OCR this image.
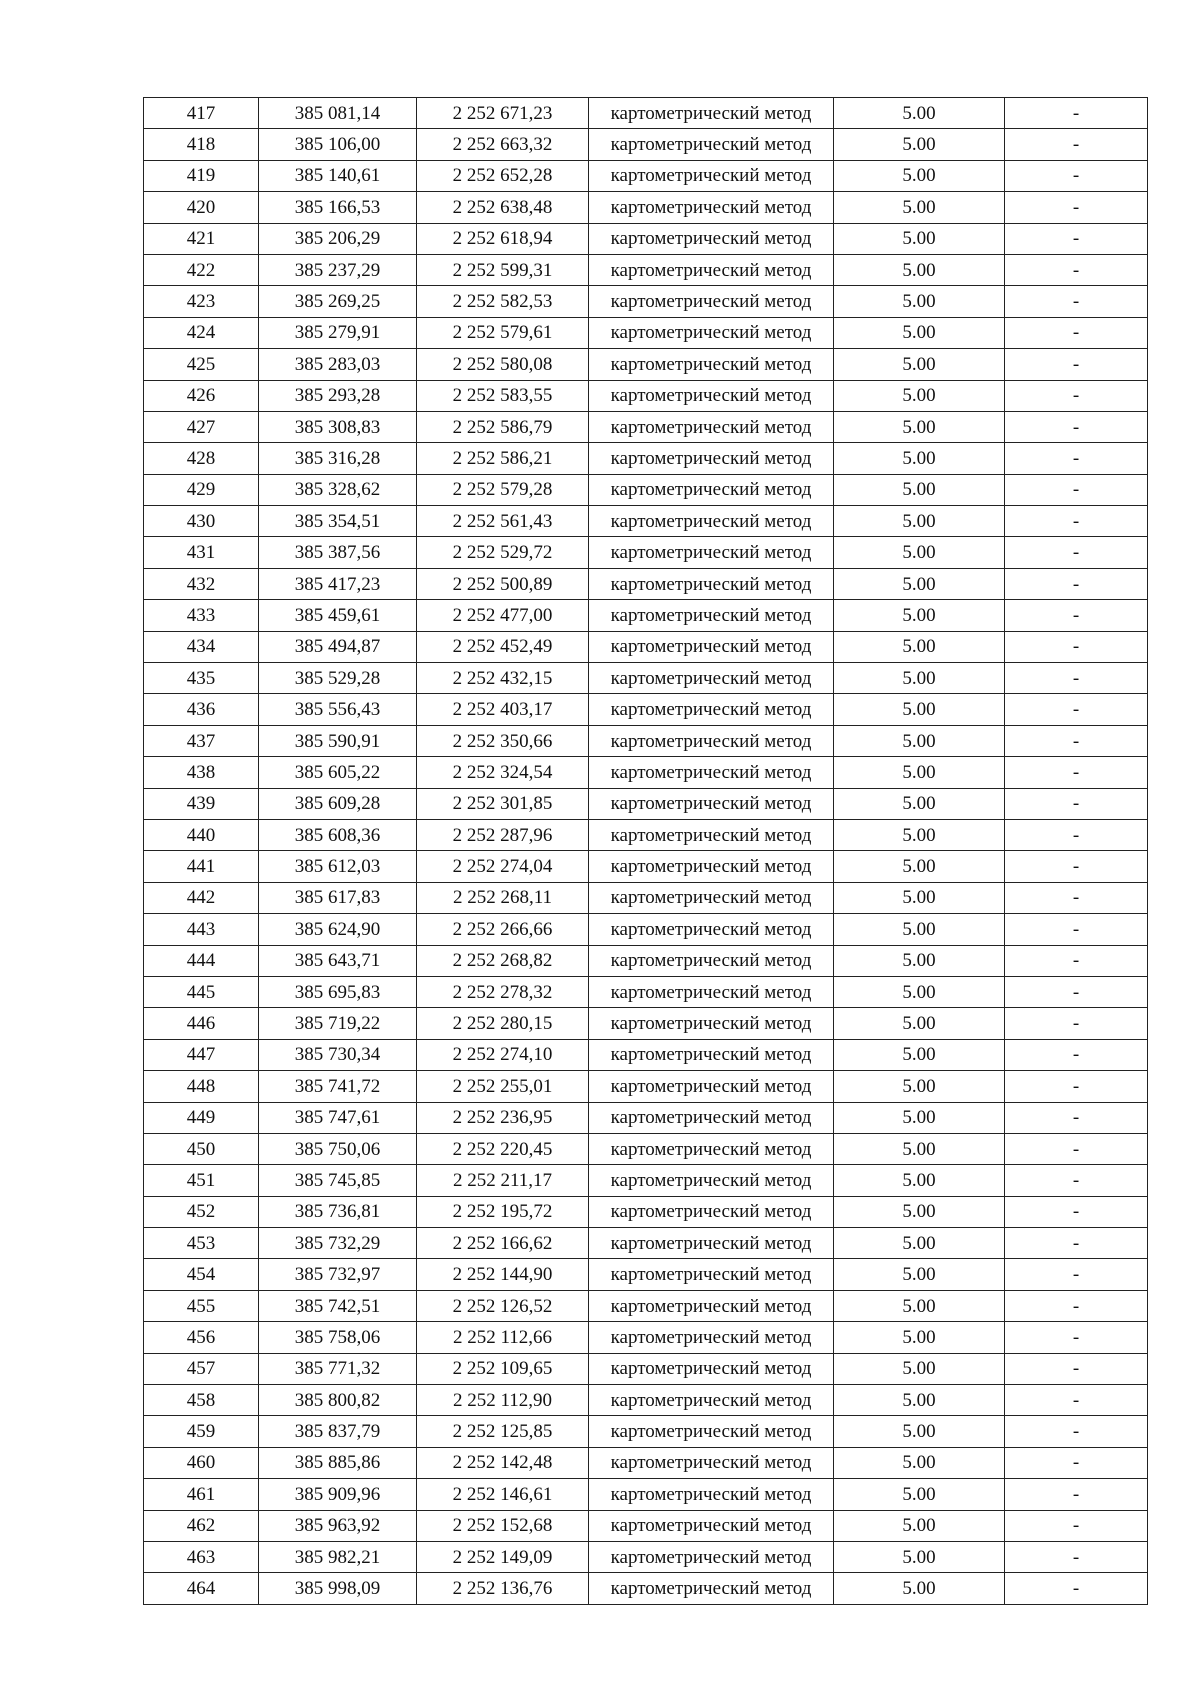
417	385 081,14	2 252 671,23	картометрический метод	5.00	-
418	385 106,00	2 252 663,32	картометрический метод	5.00	-
419	385 140,61	2 252 652,28	картометрический метод	5.00	-
420	385 166,53	2 252 638,48	картометрический метод	5.00	-
421	385 206,29	2 252 618,94	картометрический метод	5.00	-
422	385 237,29	2 252 599,31	картометрический метод	5.00	-
423	385 269,25	2 252 582,53	картометрический метод	5.00	-
424	385 279,91	2 252 579,61	картометрический метод	5.00	-
425	385 283,03	2 252 580,08	картометрический метод	5.00	-
426	385 293,28	2 252 583,55	картометрический метод	5.00	-
427	385 308,83	2 252 586,79	картометрический метод	5.00	-
428	385 316,28	2 252 586,21	картометрический метод	5.00	-
429	385 328,62	2 252 579,28	картометрический метод	5.00	-
430	385 354,51	2 252 561,43	картометрический метод	5.00	-
431	385 387,56	2 252 529,72	картометрический метод	5.00	-
432	385 417,23	2 252 500,89	картометрический метод	5.00	-
433	385 459,61	2 252 477,00	картометрический метод	5.00	-
434	385 494,87	2 252 452,49	картометрический метод	5.00	-
435	385 529,28	2 252 432,15	картометрический метод	5.00	-
436	385 556,43	2 252 403,17	картометрический метод	5.00	-
437	385 590,91	2 252 350,66	картометрический метод	5.00	-
438	385 605,22	2 252 324,54	картометрический метод	5.00	-
439	385 609,28	2 252 301,85	картометрический метод	5.00	-
440	385 608,36	2 252 287,96	картометрический метод	5.00	-
441	385 612,03	2 252 274,04	картометрический метод	5.00	-
442	385 617,83	2 252 268,11	картометрический метод	5.00	-
443	385 624,90	2 252 266,66	картометрический метод	5.00	-
444	385 643,71	2 252 268,82	картометрический метод	5.00	-
445	385 695,83	2 252 278,32	картометрический метод	5.00	-
446	385 719,22	2 252 280,15	картометрический метод	5.00	-
447	385 730,34	2 252 274,10	картометрический метод	5.00	-
448	385 741,72	2 252 255,01	картометрический метод	5.00	-
449	385 747,61	2 252 236,95	картометрический метод	5.00	-
450	385 750,06	2 252 220,45	картометрический метод	5.00	-
451	385 745,85	2 252 211,17	картометрический метод	5.00	-
452	385 736,81	2 252 195,72	картометрический метод	5.00	-
453	385 732,29	2 252 166,62	картометрический метод	5.00	-
454	385 732,97	2 252 144,90	картометрический метод	5.00	-
455	385 742,51	2 252 126,52	картометрический метод	5.00	-
456	385 758,06	2 252 112,66	картометрический метод	5.00	-
457	385 771,32	2 252 109,65	картометрический метод	5.00	-
458	385 800,82	2 252 112,90	картометрический метод	5.00	-
459	385 837,79	2 252 125,85	картометрический метод	5.00	-
460	385 885,86	2 252 142,48	картометрический метод	5.00	-
461	385 909,96	2 252 146,61	картометрический метод	5.00	-
462	385 963,92	2 252 152,68	картометрический метод	5.00	-
463	385 982,21	2 252 149,09	картометрический метод	5.00	-
464	385 998,09	2 252 136,76	картометрический метод	5.00	-
